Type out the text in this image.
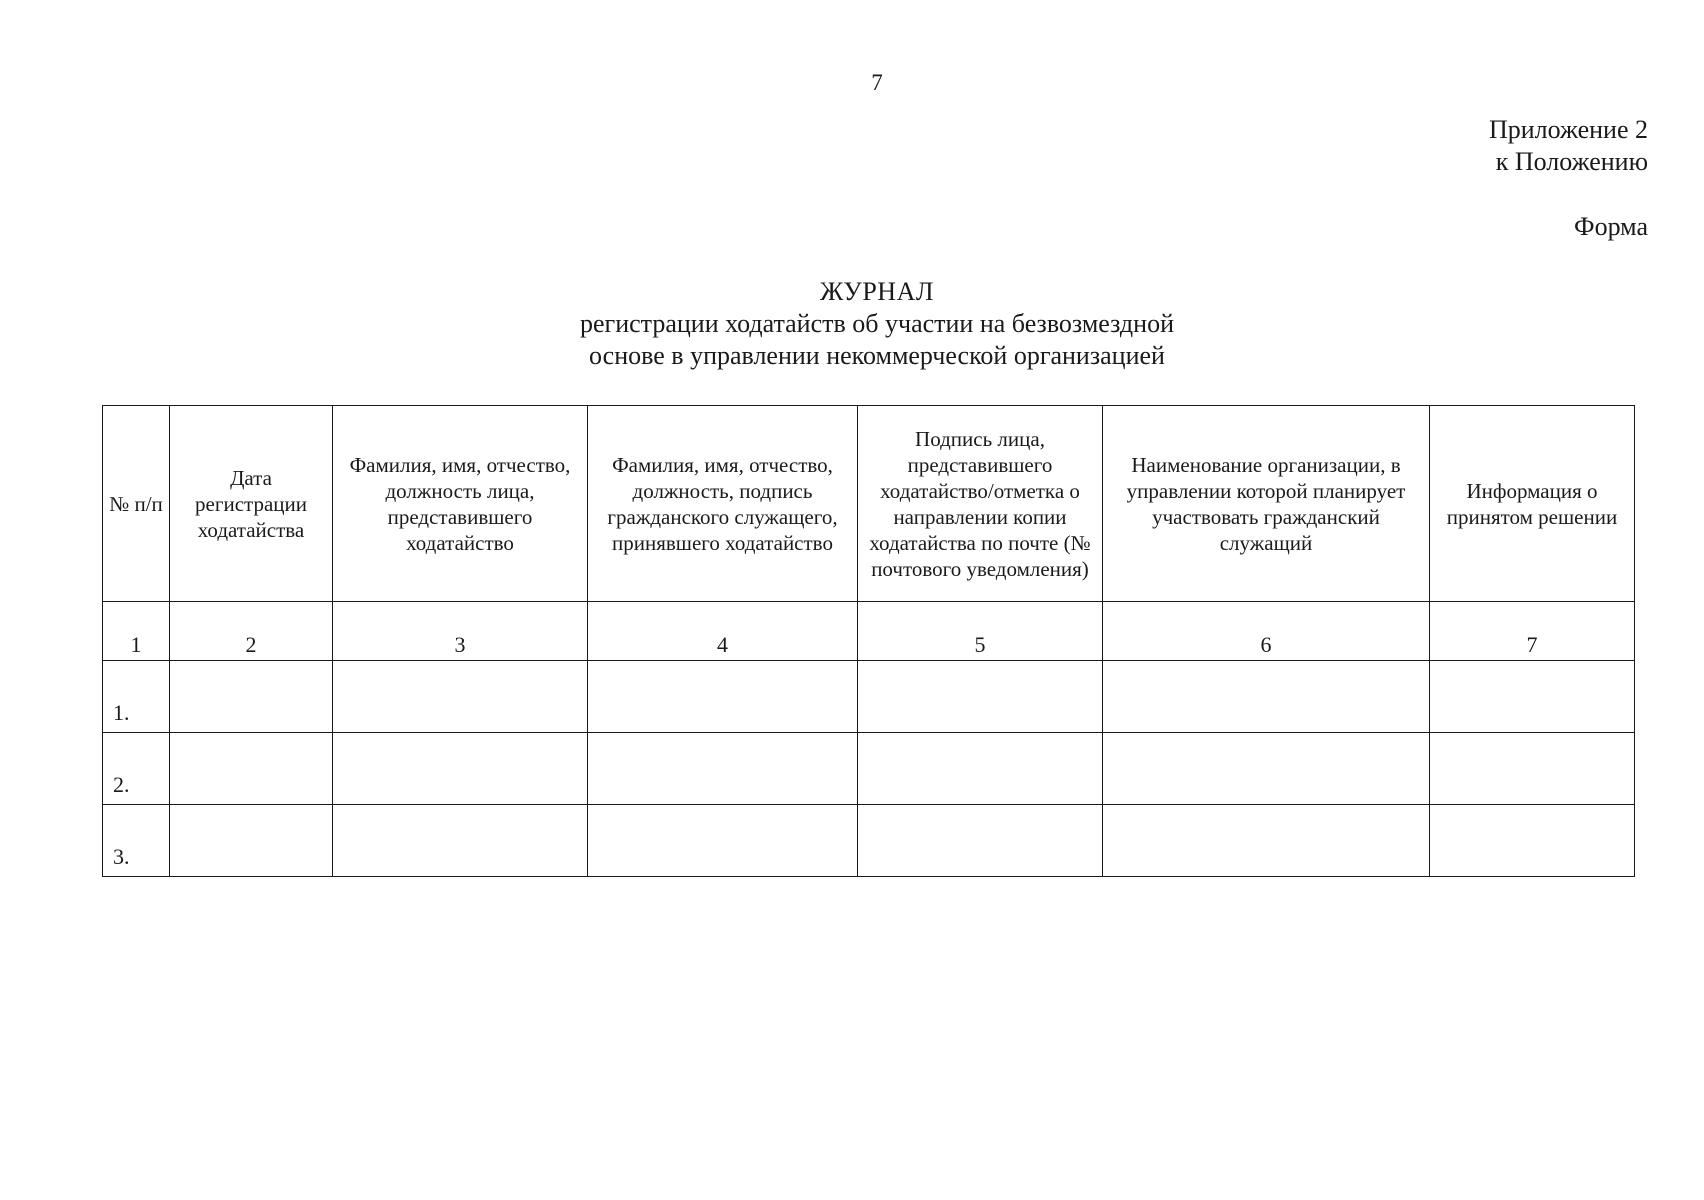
7
Приложение 2
к Положению
Форма
ЖУРНАЛ
регистрации ходатайств об участии на безвозмездной
основе в управлении некоммерческой организацией
№ п/п	Дата регистрации ходатайства	Фамилия, имя, отчество, должность лица, представившего ходатайство	Фамилия, имя, отчество, должность, подпись гражданского служащего, принявшего ходатайство	Подпись лица, представившего ходатайство/отметка о направлении копии ходатайства по почте (№ почтового уведомления)	Наименование организации, в управлении которой планирует участвовать гражданский служащий	Информация о принятом решении

1	2	3	4	5	6	7
1.						
2.						
3.						
